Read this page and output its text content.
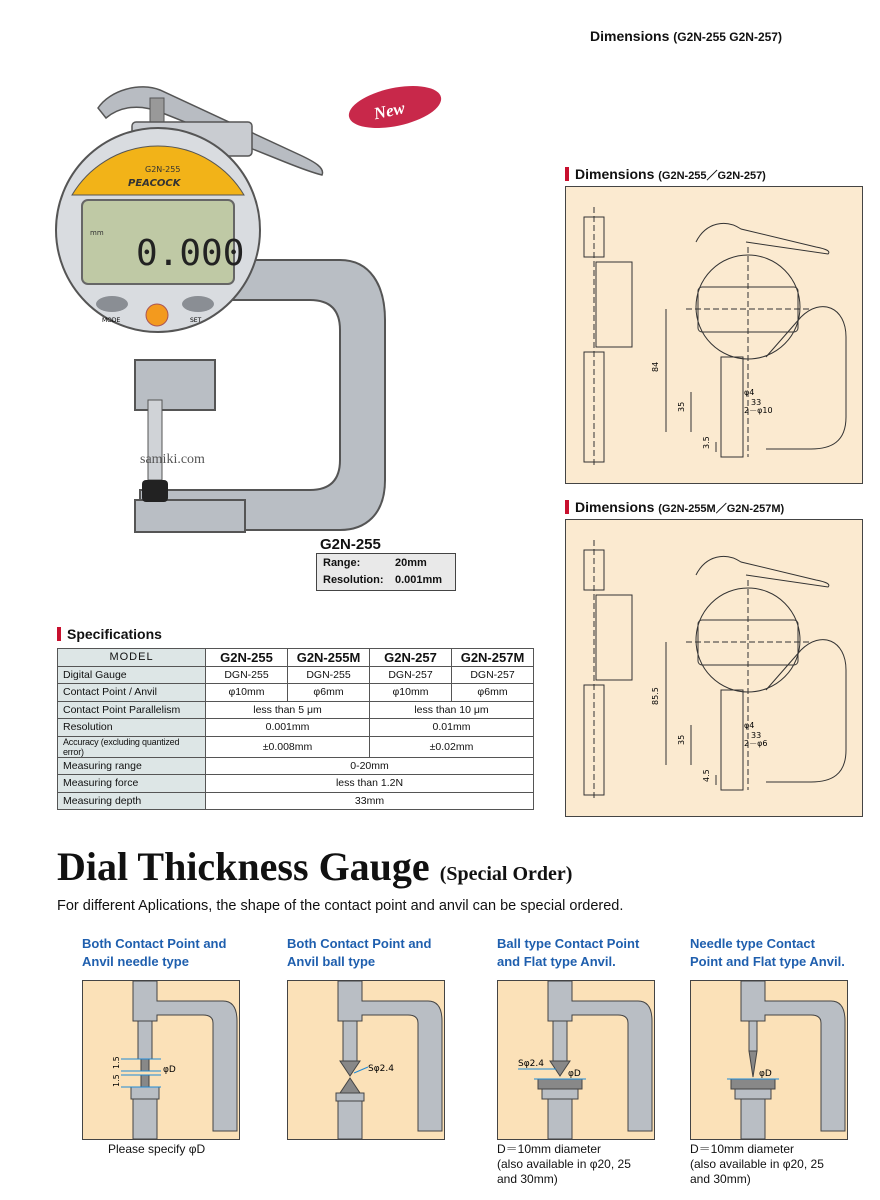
Dimensions (G2N-255 G2N-257)
G2N-255
PEACOCK
mm 0.000
MODE	SET
New
samiki.com
G2N-255
Range:	20mm
Resolution:	0.001mm
Specifications
MODEL	G2N-255	G2N-255M	G2N-257	G2N-257M
Digital Gauge	DGN-255	DGN-255	DGN-257	DGN-257
Contact Point / Anvil	φ10mm	φ6mm	φ10mm	φ6mm
Contact Point Parallelism	less than 5 μm		less than 10 μm	
Resolution	0.001mm		0.01mm	
Accuracy (excluding quantized error)	±0.008mm		±0.02mm	
Measuring range	0-20mm			
Measuring force	less than 1.2N			
Measuring depth	33mm			
Dimensions (G2N-255／G2N-257)
84
35
3.5
φ4
33
2－φ10
Dimensions (G2N-255M／G2N-257M)
85.5
35
4.5
φ4
33
2－φ6
Dial Thickness Gauge (Special Order)
For different Aplications, the shape of the contact point and anvil can be special ordered.
Both Contact Point and
Anvil needle type
φD
1.5
1.5
Please specify φD
Both Contact Point and
Anvil ball type
Sφ2.4
Ball type Contact Point
and Flat type Anvil.
Sφ2.4
φD
D＝10mm diameter
(also available in φ20, 25
and 30mm)
Needle type Contact
Point and Flat type Anvil.
φD
D＝10mm diameter
(also available in φ20, 25
and 30mm)
